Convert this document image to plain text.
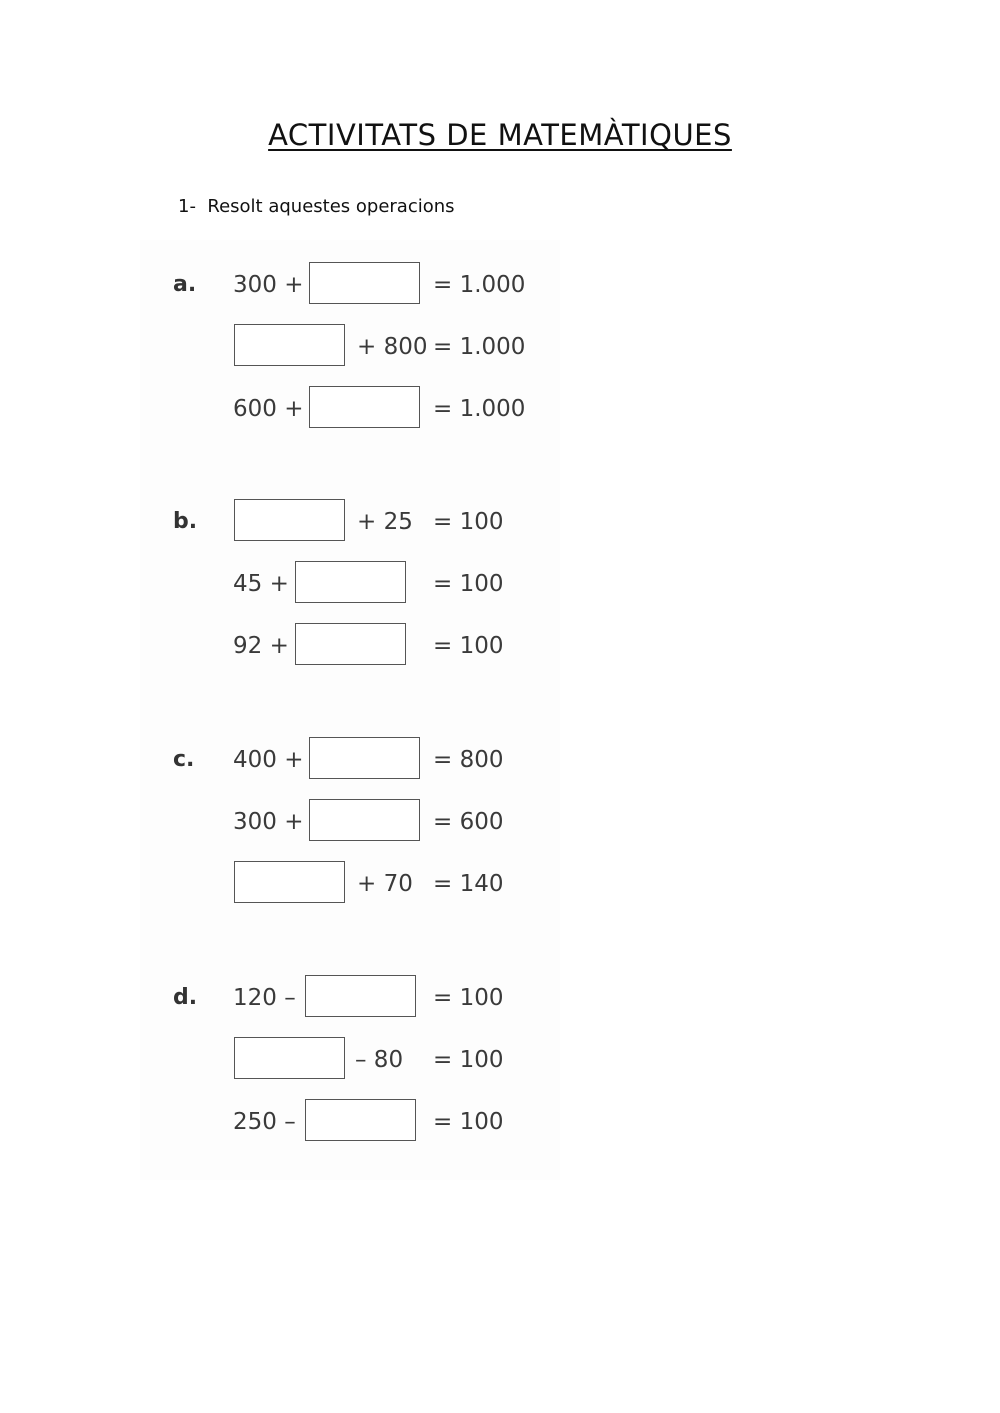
ACTIVITATS DE MATEMÀTIQUES
1-  Resolt aquestes operacions
a. 300 +	= 1.000
+ 800 = 1.000
600 +	= 1.000
b.	+ 25 = 100
45 +	= 100
92 +	= 100
c. 400 +	= 800
300 +	= 600
+ 70 = 140
d. 120 –	= 100
– 80 = 100
250 –	= 100
